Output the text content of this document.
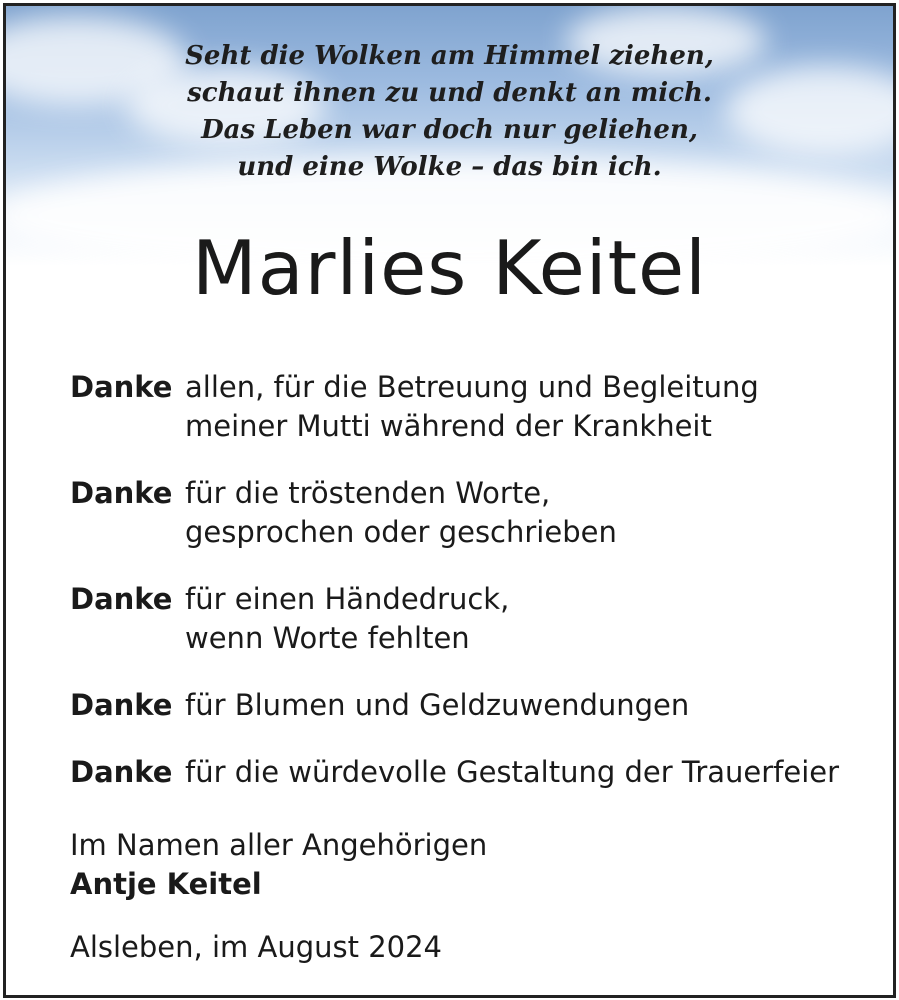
Seht die Wolken am Himmel ziehen,
schaut ihnen zu und denkt an mich.
Das Leben war doch nur geliehen,
und eine Wolke – das bin ich.
Marlies Keitel
Danke allen, für die Betreuung und Begleitung
meiner Mutti während der Krankheit
Danke für die tröstenden Worte,
gesprochen oder geschrieben
Danke für einen Händedruck,
wenn Worte fehlten
Danke für Blumen und Geldzuwendungen
Danke für die würdevolle Gestaltung der Trauerfeier
Im Namen aller Angehörigen
Antje Keitel
Alsleben, im August 2024
